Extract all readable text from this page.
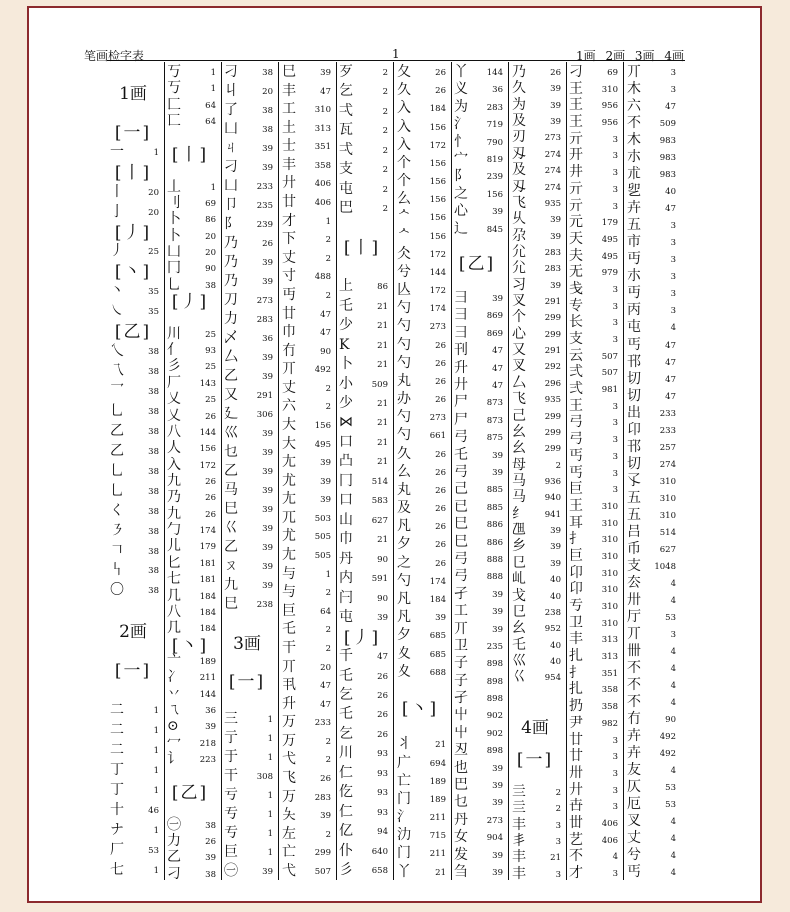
笔画检字表	1	1画 2画 3画 4画
1画
[一]
一	1
[丨]
丨	20
亅	20
[丿]
丿	25
[丶]
丶	35
㇏	35
[乙]
乀	38
乁	38
乛	38
乚	38
乙	38
乙	38
乚	38
乚	38
く	38
㇋	38
𠃍	38
𠃑	38
〇	38
2画
[一]
二	1
二	1
二	1
丁	1
丁	1
十	46
ナ	1
厂	53
七	1
丂	1
丂	1
匚	64
匸	64
[丨]
丄	1
刂	69
卜	86
卜	20
凵	20
冂	90
乚	38
[丿]
川	25
亻	93
彡	25
厂 143
乂	25
乂	26
八 144
人 156
入 172
九	26
乃	26
九	26
勹 174
儿 179
匕 181
七 181
几 184
八 184
几 184
[丶]
亠 189
冫 211
丷 144
ㄟ	36
⊙	39
冖 218
讠 223
[乙]
㊀	38
力	26
乙	39
刁	38
刁	38
丩	20
了	38
凵	38
ㄐ	39
刁	39
凵 233
卩 235
阝 239
乃	26
乃	39
乃	39
刀 273
力 283
乄	36
厶	39
乙	39
又 291
廴 306
巛	39
乜	39
乙	39
马	39
巳	39
巜	39
乙	39
ㄡ	39
九	39
巳 238
3画
[一]
三	1
亍	1
于	1
干 308
亏	1
亐	1
亐	1
巨	1
㊀	39
巳	39
丰	47
工 310
土 313
士 351
丰 358
廾 406
廿 406
才	1
下	2
丈	2
寸 488
丏	2
廿	47
巾	47
冇	90
丌 492
丈	2
六	2
大 156
大 495
尢	39
尤	39
尢	39
兀 503
尤 505
尢 505
与	1
与	2
巨	64
乇	2
干	2
丌	20
丮	47
升	47
万 233
万	2
弋	2
飞	26
万 283
夨	39
左	2
亡 299
弋 507
歹	2
乞	2
弌	2
瓦	2
弌	2
支	2
屯	2
巴	2
[丨]
上	86
乇	21
少	21
K	21
卜	21
小 509
少	21
⋈	21
口	21
凸	21
冂 514
口 583
山 627
巾	21
丹	90
内 591
闩	90
屯	39
[丿]
千	47
乇	26
乞	26
乇	26
乞	26
川	93
仁	93
仡	93
仁	93
亿	94
仆 640
彡 658
夂	26
久	26
入 184
入 156
入 172
个 156
个 156
么 156
ᄉ 156
ᄉ 156
仌 172
兮 144
亾 172
勺 174
勺 273
勺	26
勺	26
丸	26
办	26
勺 273
勺 661
久	26
么	26
丸	26
及	26
凡	26
夕	26
之	26
勺 174
凡 184
凡	39
夕 685
夊 685
夊 688
[丶]
丬	21
广 694
亡 189
门 189
氵 211
氻 715
门 211
丫	21
丫 144
义	36
为 283
氵 719
忄 790
宀 819
阝 239
之 156
心	39
辶 845
[乙]
彐	39
彐 869
彐 869
刊	47
升	47
廾	47
尸 873
尸 873
弓 875
乇	39
弓	39
己 885
已 885
巳 886
巳 886
弓 888
弓 888
孑	39
工	39
丌	39
卫 235
子 898
子 898
孑 898
屮 902
屮 902
丒 898
也	39
巴	39
乜	39
丹 273
女 904
发	39
刍	39
乃	26
久	39
为	39
及	39
刃 273
刄 274
及 274
刄 274
飞 935
乆	39
尕	39
尣 283
尣 283
习	39
叉 291
个 299
心 299
又 291
叉 292
厶 296
飞 935
己 299
幺 299
幺 299
母	2
马 936
马 940
纟 941
乪	39
乡	39
㔾	39
乢	40
戈	40
㔾 238
幺 952
乇	40
巛	40
巜 954
4画
[一]
亖	2
亖	2
丰	3
丯	3
丰	21
丰	3
刁	69
王 310
王 956
王 956
亓	3
开	3
井	3
亓	3
亓	3
元 179
天 495
夫 495
无 979
戋	3
专	3
长	3
支	3
云 507
弍 507
弍 981
王	3
弓	3
弓	3
丐	3
丐	3
巨	3
王 310
耳 310
扌 310
巨 310
卬 310
卬 310
亐 310
卫 310
丰 313
扎 313
扌 351
扎 358
扔 358
尹 982
廿	3
廿	3
卅	3
廾	3
卋	3
丗 406
艺 406
不	4
才	3
丌	3
木	3
六	47
不 509
木 983
朩 983
朮 983
乮	40
卉	47
五	3
市	3
丏	3
朩	3
丏	3
丙	3
屯	4
丐	47
邗	47
切	47
切	47
出 233
卬 233
邗 257
切 274
孓 310
五 310
五 310
吕 514
币 627
支 1048
厺	4
卅	4
厅	53
丌	3
卌	4
不	4
不	4
不	4
冇	90
卉 492
卉 492
友	4
仄	53
厄	53
叉	4
丈	4
兮	4
丐	4
